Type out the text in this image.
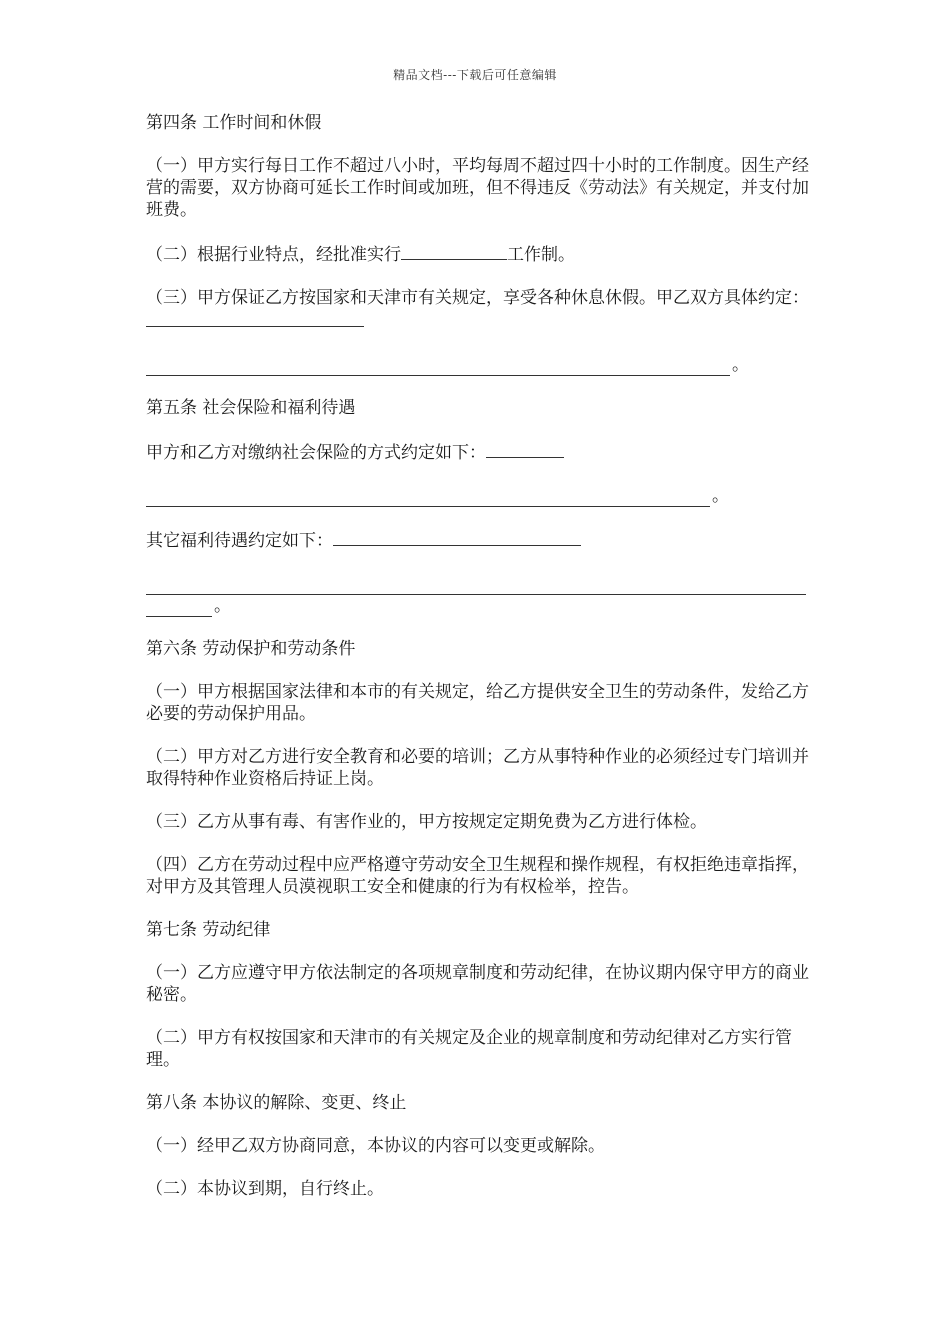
精品文档---下载后可任意编辑

第四条 工作时间和休假

（一）甲方实行每日工作不超过八小时，平均每周不超过四十小时的工作制度。因生产经营的需要，双方协商可延长工作时间或加班，但不得违反《劳动法》有关规定，并支付加班费。

（二）根据行业特点，经批准实行	工作制。

（三）甲方保证乙方按国家和天津市有关规定，享受各种休息休假。甲乙双方具体约定：

。

第五条 社会保险和福利待遇

甲方和乙方对缴纳社会保险的方式约定如下：

。

其它福利待遇约定如下：

。

第六条 劳动保护和劳动条件

（一）甲方根据国家法律和本市的有关规定，给乙方提供安全卫生的劳动条件，发给乙方必要的劳动保护用品。

（二）甲方对乙方进行安全教育和必要的培训；乙方从事特种作业的必须经过专门培训并取得特种作业资格后持证上岗。

（三）乙方从事有毒、有害作业的，甲方按规定定期免费为乙方进行体检。

（四）乙方在劳动过程中应严格遵守劳动安全卫生规程和操作规程，有权拒绝违章指挥，对甲方及其管理人员漠视职工安全和健康的行为有权检举，控告。

第七条 劳动纪律

（一）乙方应遵守甲方依法制定的各项规章制度和劳动纪律，在协议期内保守甲方的商业秘密。

（二）甲方有权按国家和天津市的有关规定及企业的规章制度和劳动纪律对乙方实行管理。

第八条 本协议的解除、变更、终止

（一）经甲乙双方协商同意，本协议的内容可以变更或解除。

（二）本协议到期，自行终止。
